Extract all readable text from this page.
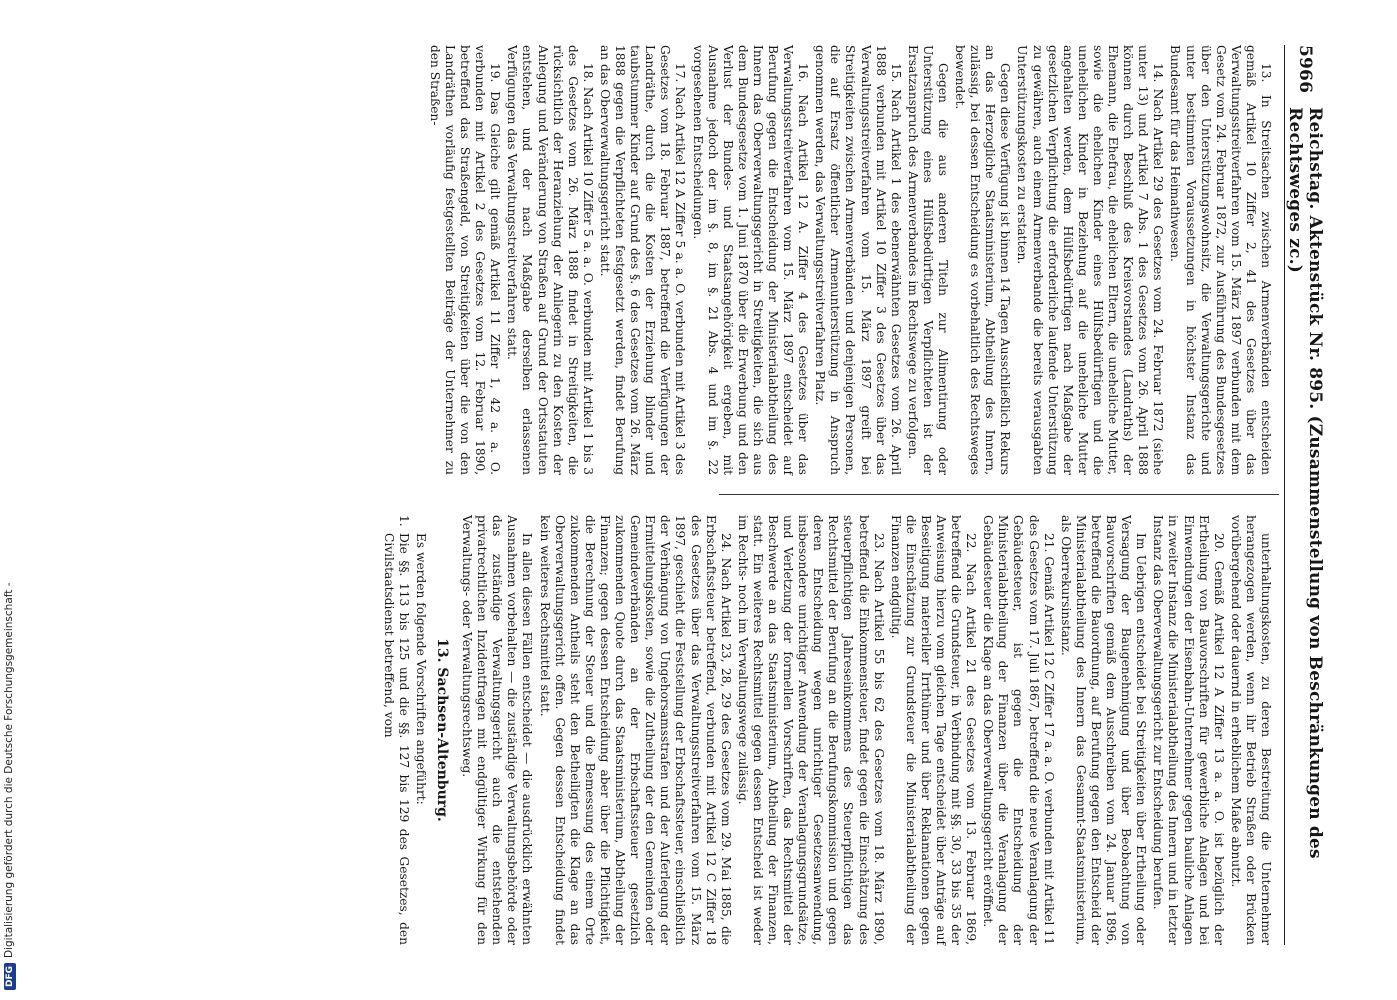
DFGDigitalisierung gefördert durch die Deutsche Forschungsgemeinschaft -
5966
Reichstag. Aktenstück Nr. 895. (Zusammenstellung von Beschränkungen des Rechtsweges zc.)

13. In Streitsachen zwischen Armenverbänden entscheiden gemäß Artikel 10 Ziffer 2, 41 des Gesetzes über das Verwaltungsstreitverfahren vom 15. März 1897 verbunden mit dem Gesetz vom 24. Februar 1872, zur Ausführung des Bundesgesetzes über den Unterstützungswohnsitz, die Verwaltungsgerichte und unter bestimmten Voraussetzungen in höchster Instanz das Bundesamt für das Heimathwesen.

14. Nach Artikel 29 des Gesetzes vom 24. Februar 1872 (siehe unter 13) und Artikel 7 Abs. 1 des Gesetzes vom 26. April 1888 können durch Beschluß des Kreisvorstandes (Landraths) der Ehemann, die Ehefrau, die ehelichen Eltern, die uneheliche Mutter, sowie die ehelichen Kinder eines Hülfsbedürftigen und die unehelichen Kinder in Beziehung auf die uneheliche Mutter angehalten werden, dem Hülfsbedürftigen nach Maßgabe der gesetzlichen Verpflichtung die erforderliche laufende Unterstützung zu gewähren, auch einem Armenverbande die bereits verausgabten Unterstützungskosten zu erstatten.

Gegen diese Verfügung ist binnen 14 Tagen Ausschließlich Rekurs an das Herzogliche Staatsministerium, Abtheilung des Innern, zulässig, bei dessen Entscheidung es vorbehaltlich des Rechtsweges bewendet.

Gegen die aus anderen Titeln zur Alimentirung oder Unterstützung eines Hülfsbedürftigen Verpflichteten ist der Ersatzanspruch des Armenverbandes im Rechtswege zu verfolgen.

15. Nach Artikel 1 des ebenerwähnten Gesetzes vom 26. April 1888 verbunden mit Artikel 10 Ziffer 3 des Gesetzes über das Verwaltungsstreitverfahren vom 15. März 1897 greift bei Streitigkeiten zwischen Armenverbänden und denjenigen Personen, die auf Ersatz öffentlicher Armenunterstützung in Anspruch genommen werden, das Verwaltungsstreitverfahren Platz.

16. Nach Artikel 12 A. Ziffer 4 des Gesetzes über das Verwaltungsstreitverfahren vom 15. März 1897 entscheidet auf Berufung gegen die Entscheidung der Ministerialabtheilung des Innern das Oberverwaltungsgericht in Streitigkeiten, die sich aus dem Bundesgesetze vom 1. Juni 1870 über die Erwerbung und den Verlust der Bundes- und Staatsangehörigkeit ergeben, mit Ausnahme jedoch der im §. 8, im §. 21 Abs. 4 und im §. 22 vorgesehenen Entscheidungen.

17. Nach Artikel 12 A Ziffer 5 a. a. O. verbunden mit Artikel 3 des Gesetzes vom 18. Februar 1887, betreffend die Verfügungen der Landräthe, durch die die Kosten der Erziehung blinder und taubstummer Kinder auf Grund des §. 6 des Gesetzes vom 26. März 1888 gegen die Verpflichteten festgesetzt werden, findet Berufung an das Oberverwaltungsgericht statt.

18. Nach Artikel 10 Ziffer 5 a. a. O. verbunden mit Artikel 1 bis 3 des Gesetzes vom 26. März 1888 findet in Streitigkeiten, die rücksichtlich der Heranziehung der Anliegerin zu den Kosten der Anlegung und Veränderung von Straßen auf Grund der Ortsstatuten entstehen, und der nach Maßgabe derselben erlassenen Verfügungen das Verwaltungsstreitverfahren statt.

19. Das Gleiche gilt gemäß Artikel 11 Ziffer 1, 42 a. a. O. verbunden mit Artikel 2 des Gesetzes vom 12. Februar 1890, betreffend das Straßengeld, von Streitigkeiten über die von den Landräthen vorläufig festgestellten Beiträge der Unternehmer zu den Straßen-

unterhaltungskosten, zu deren Bestreitung die Unternehmer herangezogen werden, wenn ihr Betrieb Straßen oder Brücken vorübergehend oder dauernd in erheblichem Maße abnutzt.

20. Gemäß Artikel 12 A Ziffer 13 a. a. O. ist bezüglich der Ertheilung von Bauvorschriften für gewerbliche Anlagen und bei Einwendungen der Eisenbahn-Unternehmer gegen bauliche Anlagen in zweiter Instanz die Ministerialabtheilung des Innern und in letzter Instanz das Oberverwaltungsgericht zur Entscheidung berufen.

Im Uebrigen entscheidet bei Streitigkeiten über Ertheilung oder Versagung der Baugenehmigung und über Beobachtung von Bauvorschriften gemäß dem Ausschreiben vom 24. Januar 1896, betreffend die Bauordnung, auf Berufung gegen den Entscheid der Ministerialabtheilung des Innern das Gesammt-Staatsministerium, als Oberrekursinstanz.

21. Gemäß Artikel 12 C Ziffer 17 a. a. O. verbunden mit Artikel 11 des Gesetzes vom 17. Juli 1867, betreffend die neue Veranlagung der Gebäudesteuer, ist gegen die Entscheidung der Ministerialabtheilung der Finanzen über die Veranlagung der Gebäudesteuer die Klage an das Oberverwaltungsgericht eröffnet.

22. Nach Artikel 21 des Gesetzes vom 13. Februar 1869, betreffend die Grundsteuer, in Verbindung mit §§. 30, 33 bis 35 der Anweisung hierzu vom gleichen Tage entscheidet über Anträge auf Beseitigung materieller Irrthümer und über Reklamationen gegen die Einschätzung zur Grundsteuer die Ministerialabtheilung der Finanzen endgültig.

23. Nach Artikel 55 bis 62 des Gesetzes vom 18. März 1890, betreffend die Einkommensteuer, findet gegen die Einschätzung des steuerpflichtigen Jahreseinkommens des Steuerpflichtigen das Rechtsmittel der Berufung an die Berufungskommission und gegen deren Entscheidung wegen unrichtiger Gesetzesanwendung, insbesondere unrichtiger Anwendung der Veranlagungsgrundsätze, und Verletzung der formellen Vorschriften, das Rechtsmittel der Beschwerde an das Staatsministerium, Abtheilung der Finanzen, statt. Ein weiteres Rechtsmittel gegen dessen Entscheid ist weder im Rechts- noch im Verwaltungswege zulässig.

24. Nach Artikel 23, 28, 29 des Gesetzes vom 29. Mai 1885, die Erbschaftssteuer betreffend, verbunden mit Artikel 12 C Ziffer 18 des Gesetzes über das Verwaltungsstreitverfahren vom 15. März 1897, geschieht die Feststellung der Erbschaftssteuer, einschließlich der Verhängung von Ungehorsamsstrafen und der Auferlegung der Ermittelungskosten, sowie die Zutheilung der den Gemeinden oder Gemeindeverbänden an der Erbschaftssteuer gesetzlich zukommenden Quote durch das Staatsministerium, Abtheilung der Finanzen; gegen dessen Entscheidung aber über die Pflichtigkeit, die Berechnung der Steuer und die Bemessung des einem Orte zukommenden Antheils steht den Betheiligten die Klage an das Oberverwaltungsgericht offen. Gegen dessen Entscheidung findet kein weiteres Rechtsmittel statt.

In allen diesen Fällen entscheidet — die ausdrücklich erwähnten Ausnahmen vorbehalten — die zuständige Verwaltungsbehörde oder das zuständige Verwaltungsgericht auch die entstehenden privatrechtlichen Inzidentfragen mit endgültiger Wirkung für den Verwaltungs- oder Verwaltungsrechtsweg.

13. Sachsen-Altenburg.

Es werden folgende Vorschriften angeführt:

1.
Die §§. 113 bis 125 und die §§. 127 bis 129 des Gesetzes, den Civilstaatsdienst betreffend, vom
